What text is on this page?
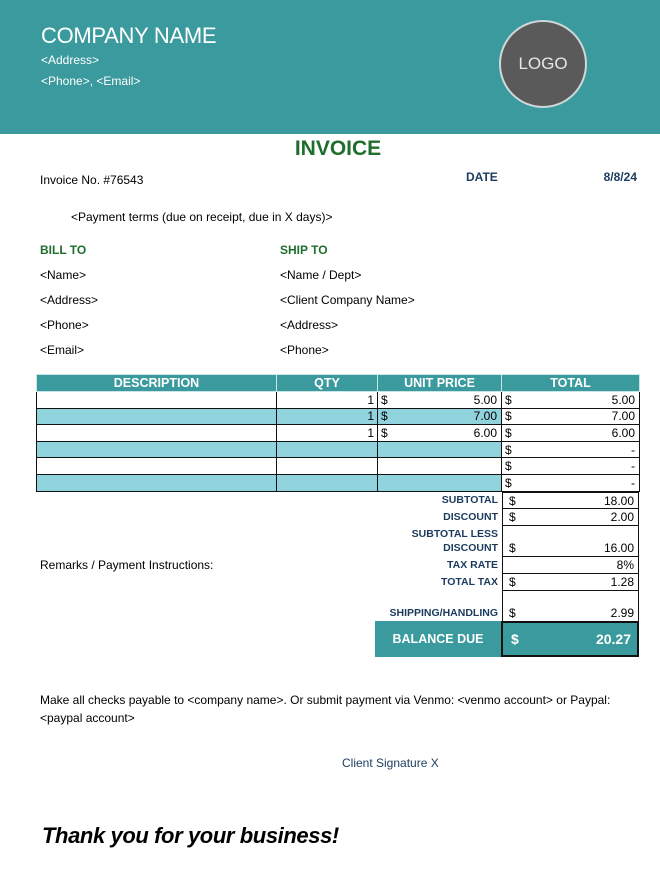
COMPANY NAME
<Address>
<Phone>, <Email>
LOGO
INVOICE
Invoice No. #76543	DATE	8/8/24
<Payment terms (due on receipt, due in X days)>
BILL TO
<Name>
<Address>
<Phone>
<Email>
SHIP TO
<Name / Dept>
<Client Company Name>
<Address>
<Phone>
DESCRIPTION	QTY	UNIT PRICE	TOTAL
	1	$ 5.00	$ 5.00

	1	$ 7.00	$ 7.00

	1	$ 6.00	$ 6.00

			$ -

			$ -

			$ -
SUBTOTAL $	18.00
DISCOUNT $	2.00
SUBTOTAL LESS
DISCOUNT $	16.00
Remarks / Payment Instructions:	TAX RATE	8%
TOTAL TAX $	1.28
SHIPPING/HANDLING $	2.99
BALANCE DUE	$	20.27
Make all checks payable to <company name>. Or submit payment via Venmo: <venmo account> or Paypal: <paypal account>
Client Signature X
Thank you for your business!
